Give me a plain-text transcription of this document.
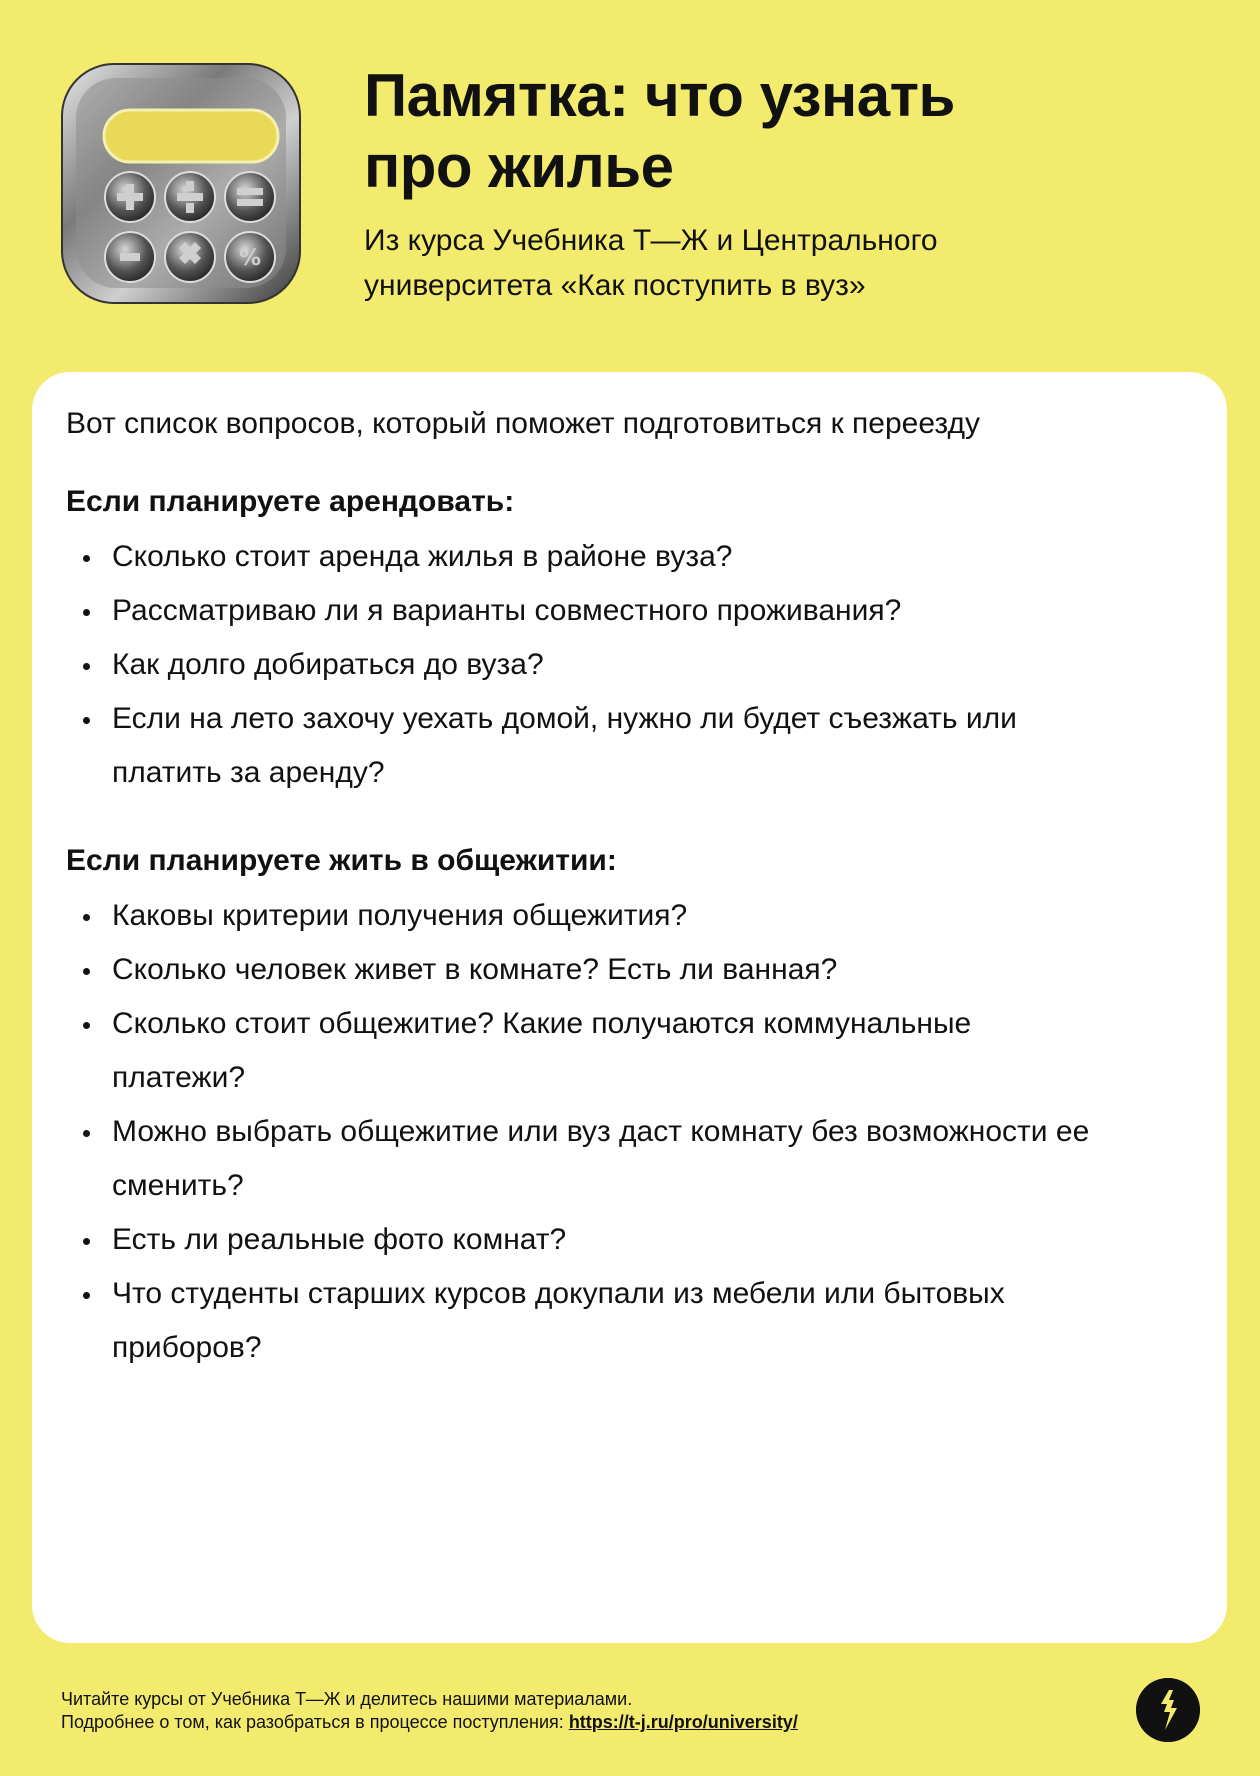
%
Памятка: что узнать
про жилье
Из курса Учебника Т—Ж и Центрального
университета «Как поступить в вуз»
Вот список вопросов, который поможет подготовиться к переезду
Если планируете арендовать:
Сколько стоит аренда жилья в районе вуза?
Рассматриваю ли я варианты совместного проживания?
Как долго добираться до вуза?
Если на лето захочу уехать домой, нужно ли будет съезжать или платить за аренду?
Если планируете жить в общежитии:
Каковы критерии получения общежития?
Сколько человек живет в комнате? Есть ли ванная?
Сколько стоит общежитие? Какие получаются коммунальные платежи?
Можно выбрать общежитие или вуз даст комнату без возможности ее сменить?
Есть ли реальные фото комнат?
Что студенты старших курсов докупали из мебели или бытовых приборов?
Читайте курсы от Учебника Т—Ж и делитесь нашими материалами.
Подробнее о том, как разобраться в процессе поступления: https://t-j.ru/pro/university/
